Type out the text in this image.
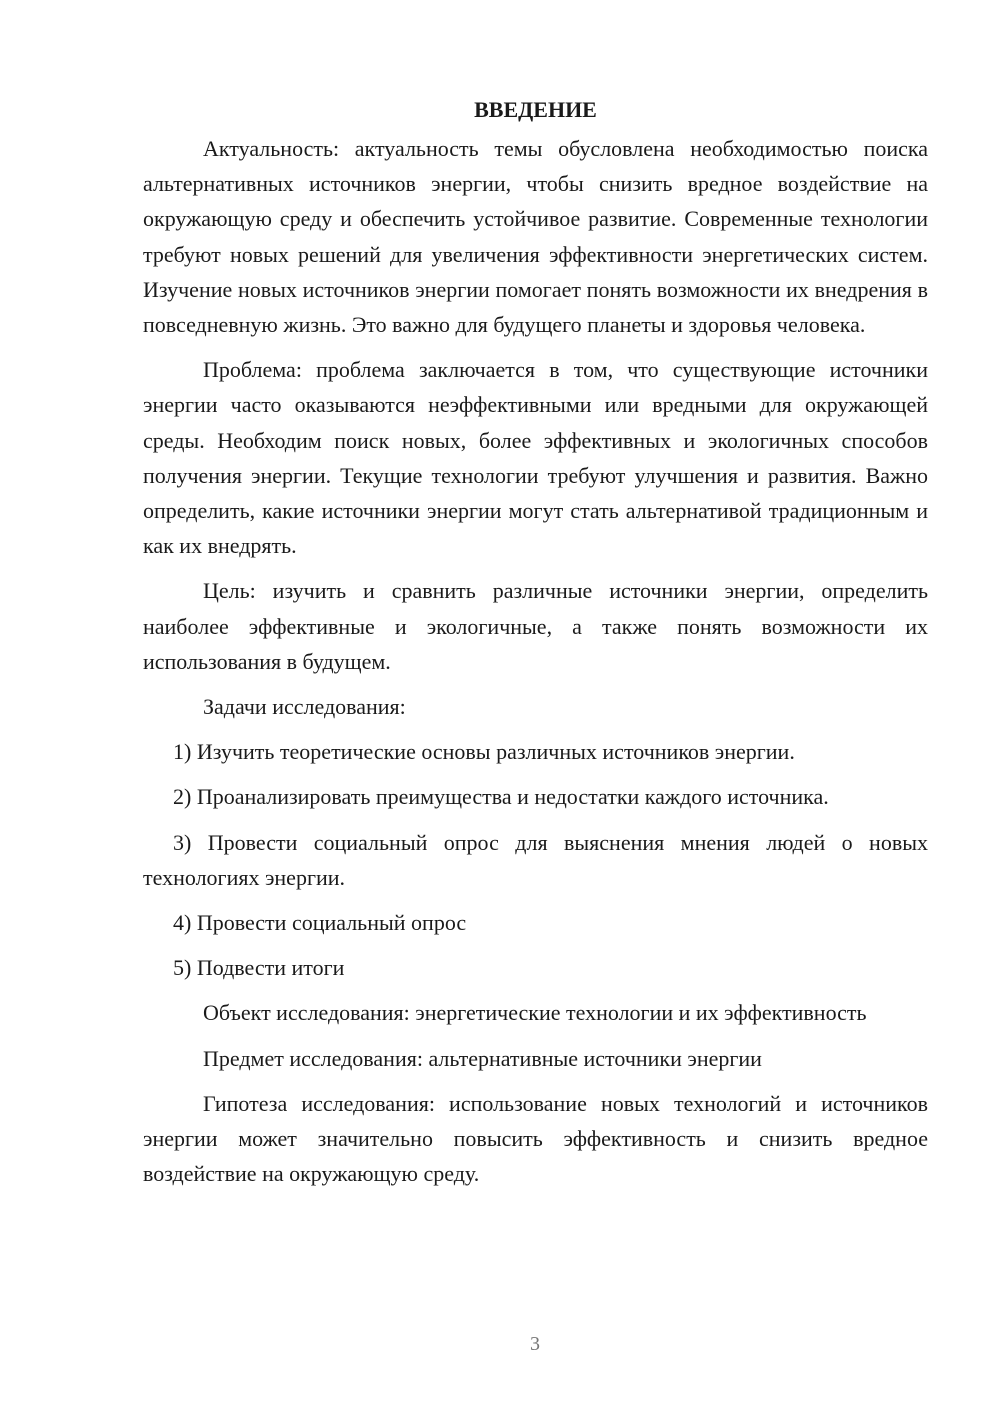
ВВЕДЕНИЕ

Актуальность: актуальность темы обусловлена необходимостью поиска альтернативных источников энергии, чтобы снизить вредное воздействие на окружающую среду и обеспечить устойчивое развитие. Современные технологии требуют новых решений для увеличения эффективности энергетических систем. Изучение новых источников энергии помогает понять возможности их внедрения в повседневную жизнь. Это важно для будущего планеты и здоровья человека.

Проблема: проблема заключается в том, что существующие источники энергии часто оказываются неэффективными или вредными для окружающей среды. Необходим поиск новых, более эффективных и экологичных способов получения энергии. Текущие технологии требуют улучшения и развития. Важно определить, какие источники энергии могут стать альтернативой традиционным и как их внедрять.

Цель: изучить и сравнить различные источники энергии, определить наиболее эффективные и экологичные, а также понять возможности их использования в будущем.

Задачи исследования:

1) Изучить теоретические основы различных источников энергии.

2) Проанализировать преимущества и недостатки каждого источника.

3) Провести социальный опрос для выяснения мнения людей о новых технологиях энергии.

4) Провести социальный опрос

5) Подвести итоги

Объект исследования: энергетические технологии и их эффективность

Предмет исследования: альтернативные источники энергии

Гипотеза исследования: использование новых технологий и источников энергии может значительно повысить эффективность и снизить вредное воздействие на окружающую среду.

3
